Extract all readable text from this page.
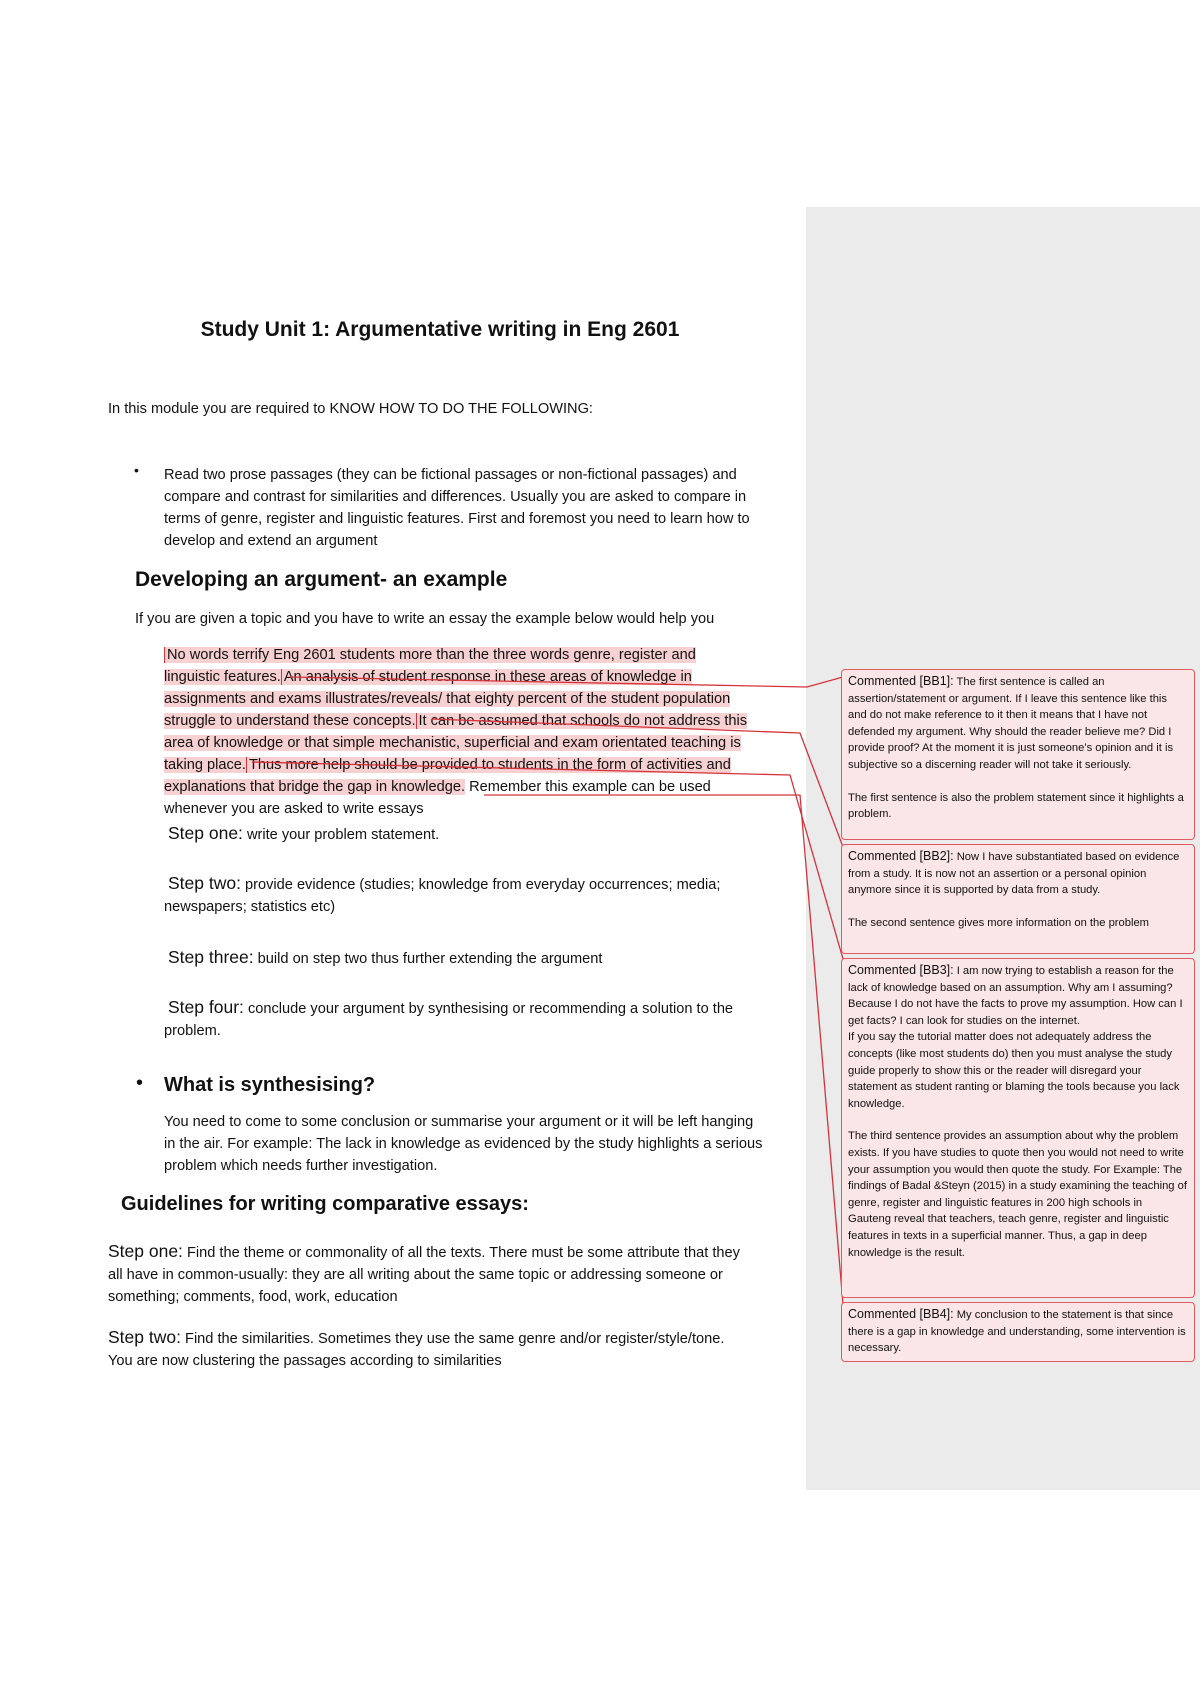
Study Unit 1: Argumentative writing in Eng 2601
In this module you are required to KNOW HOW TO DO THE FOLLOWING:
• Read two prose passages (they can be fictional passages or non-fictional passages) and
compare and contrast for similarities and differences. Usually you are asked to compare in
terms of genre, register and linguistic features. First and foremost you need to learn how to
develop and extend an argument
Developing an argument- an example
If you are given a topic and you have to write an essay the example below would help you
No words terrify Eng 2601 students more than the three words genre, register and
linguistic features. An analysis of student response in these areas of knowledge in
assignments and exams illustrates/reveals/ that eighty percent of the student population
struggle to understand these concepts. It can be assumed that schools do not address this
area of knowledge or that simple mechanistic, superficial and exam orientated teaching is
taking place. Thus more help should be provided to students in the form of activities and
explanations that bridge the gap in knowledge. Remember this example can be used
whenever you are asked to write essays
Step one: write your problem statement.
Step two: provide evidence (studies; knowledge from everyday occurrences; media;
newspapers; statistics etc)
Step three: build on step two thus further extending the argument
Step four: conclude your argument by synthesising or recommending a solution to the
problem.
• What is synthesising?
You need to come to some conclusion or summarise your argument or it will be left hanging
in the air. For example: The lack in knowledge as evidenced by the study highlights a serious
problem which needs further investigation.
Guidelines for writing comparative essays:
Step one: Find the theme or commonality of all the texts. There must be some attribute that they
all have in common-usually: they are all writing about the same topic or addressing someone or
something; comments, food, work, education
Step two: Find the similarities. Sometimes they use the same genre and/or register/style/tone.
You are now clustering the passages according to similarities

Commented [BB1]: The first sentence is called an assertion/statement or argument. If I leave this sentence like this and do not make reference to it then it means that I have not defended my argument. Why should the reader believe me? Did I provide proof? At the moment it is just someone’s opinion and it is subjective so a discerning reader will not take it seriously.

The first sentence is also the problem statement since it highlights a problem.

Commented [BB2]: Now I have substantiated based on evidence from a study. It is now not an assertion or a personal opinion anymore since it is supported by data from a study.

The second sentence gives more information on the problem

Commented [BB3]: I am now trying to establish a reason for the lack of knowledge based on an assumption. Why am I assuming? Because I do not have the facts to prove my assumption. How can I get facts? I can look for studies on the internet.

If you say the tutorial matter does not adequately address the concepts (like most students do) then you must analyse the study guide properly to show this or the reader will disregard your statement as student ranting or blaming the tools because you lack knowledge.

The third sentence provides an assumption about why the problem exists. If you have studies to quote then you would not need to write your assumption you would then quote the study. For Example: The findings of Badal &Steyn (2015) in a study examining the teaching of genre, register and linguistic features in 200 high schools in Gauteng reveal that teachers, teach genre, register and linguistic features in texts in a superficial manner. Thus, a gap in deep knowledge is the result.

Commented [BB4]: My conclusion to the statement is that since there is a gap in knowledge and understanding, some intervention is necessary.
